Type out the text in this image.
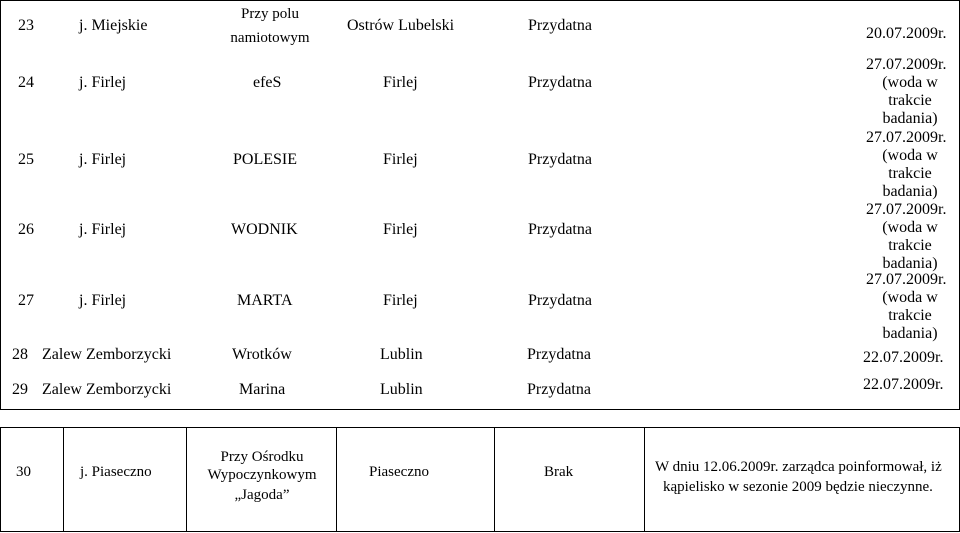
23	j. Miejskie
Przy polu
namiotowym
Ostrów Lubelski	Przydatna	20.07.2009r.
24	j. Firlej	efeS	Firlej	Przydatna
27.07.2009r.
(woda w
trakcie
badania)
25	j. Firlej	POLESIE	Firlej	Przydatna
27.07.2009r.
(woda w
trakcie
badania)
26	j. Firlej	WODNIK	Firlej	Przydatna
27.07.2009r.
(woda w
trakcie
badania)
27	j. Firlej	MARTA	Firlej	Przydatna
27.07.2009r.
(woda w
trakcie
badania)
28 Zalew Zemborzycki	Wrotków	Lublin	Przydatna	22.07.2009r.
29 Zalew Zemborzycki	Marina	Lublin	Przydatna	22.07.2009r.
30	j. Piaseczno
Przy Ośrodku
Wypoczynkowym
„Jagoda”
Piaseczno	Brak	W dniu 12.06.2009r. zarządca poinformował, iż
kąpielisko w sezonie 2009 będzie nieczynne.
